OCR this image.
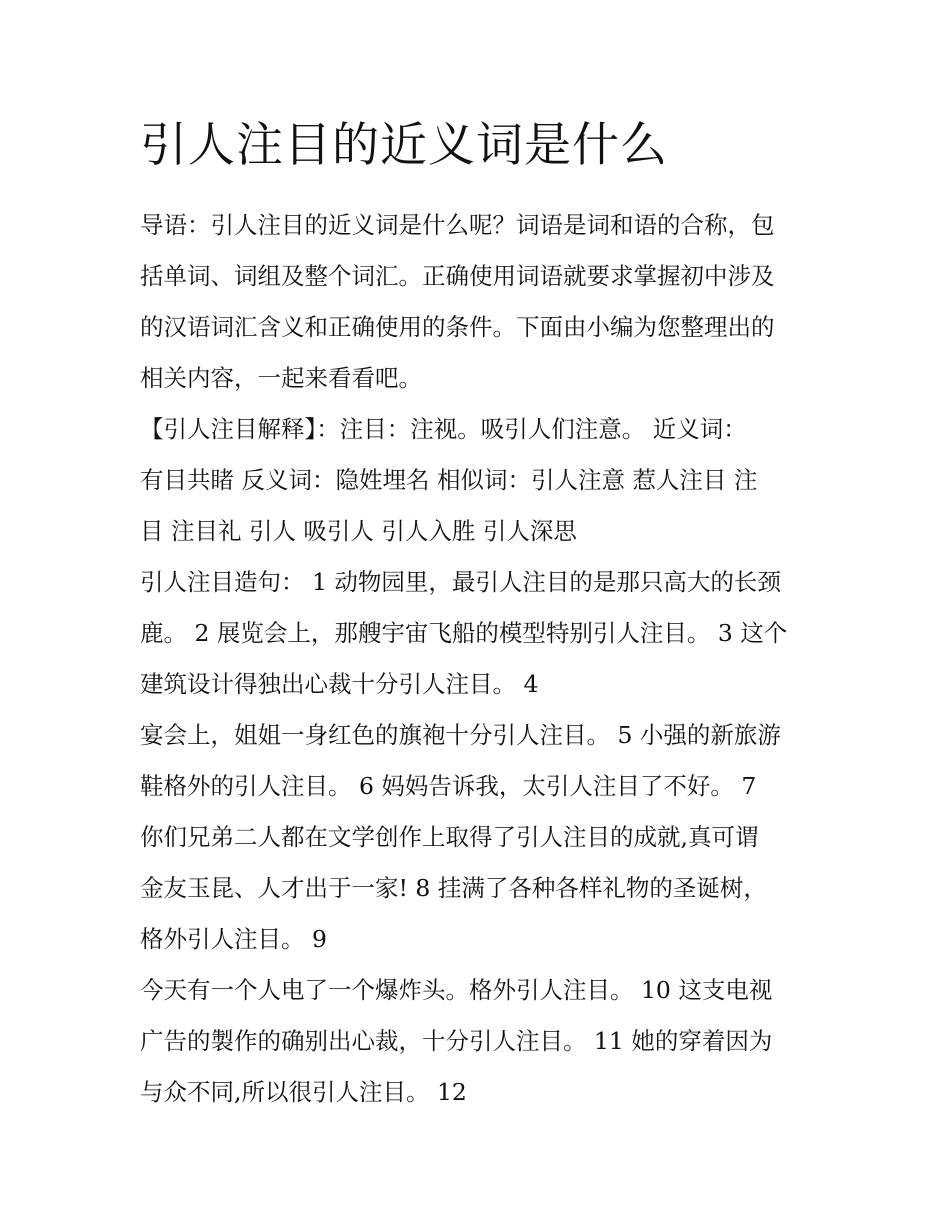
引人注目的近义词是什么
导语：引人注目的近义词是什么呢？词语是词和语的合称，包
括单词、词组及整个词汇。正确使用词语就要求掌握初中涉及
的汉语词汇含义和正确使用的条件。下面由小编为您整理出的
相关内容，一起来看看吧。
【引人注目解释】：注目：注视。吸引人们注意。 近义词：
有目共睹 反义词：隐姓埋名 相似词：引人注意 惹人注目 注
目 注目礼 引人 吸引人 引人入胜 引人深思
引人注目造句： 1 动物园里，最引人注目的是那只高大的长颈
鹿。 2 展览会上，那艘宇宙飞船的模型特别引人注目。 3 这个
建筑设计得独出心裁十分引人注目。 4
宴会上，姐姐一身红色的旗袍十分引人注目。 5 小强的新旅游
鞋格外的引人注目。 6 妈妈告诉我，太引人注目了不好。 7
你们兄弟二人都在文学创作上取得了引人注目的成就,真可谓
金友玉昆、人才出于一家! 8 挂满了各种各样礼物的圣诞树，
格外引人注目。 9
今天有一个人电了一个爆炸头。格外引人注目。 10 这支电视
广告的製作的确别出心裁，十分引人注目。 11 她的穿着因为
与众不同,所以很引人注目。 12
